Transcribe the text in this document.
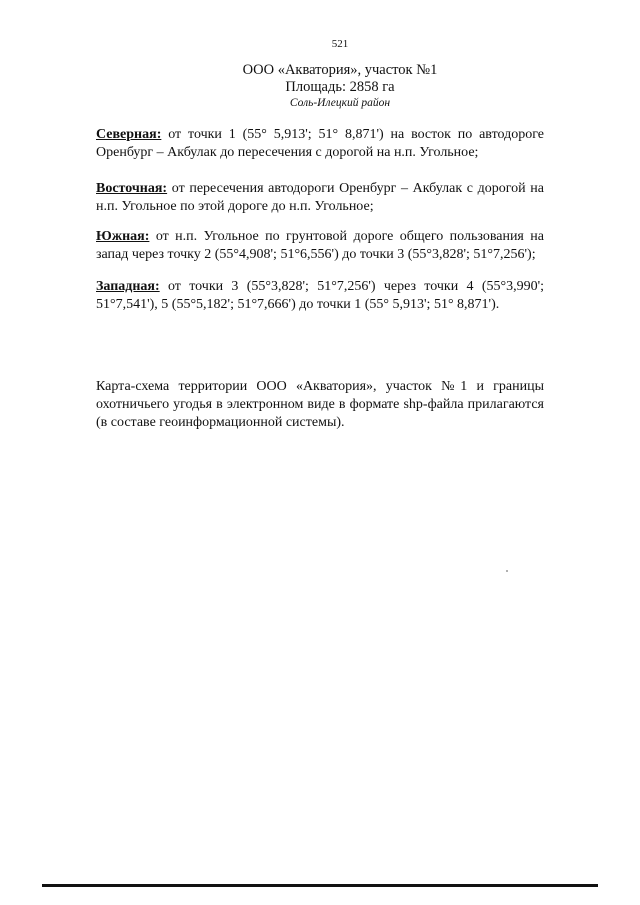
521
ООО «Акватория», участок №1
Площадь: 2858 га
Соль-Илецкий район
Северная: от точки 1 (55° 5,913'; 51° 8,871') на восток по автодороге Оренбург – Акбулак до пересечения с дорогой на н.п. Угольное;
Восточная: от пересечения автодороги Оренбург – Акбулак с дорогой на н.п. Угольное по этой дороге до н.п. Угольное;
Южная: от н.п. Угольное по грунтовой дороге общего пользования на запад через точку 2 (55°4,908'; 51°6,556') до точки 3 (55°3,828'; 51°7,256');
Западная: от точки 3 (55°3,828'; 51°7,256') через точки 4 (55°3,990'; 51°7,541'), 5 (55°5,182'; 51°7,666') до точки 1 (55° 5,913'; 51° 8,871').
Карта-схема территории ООО «Акватория», участок №1 и границы охотничьего угодья в электронном виде в формате shp-файла прилагаются (в составе геоинформационной системы).
